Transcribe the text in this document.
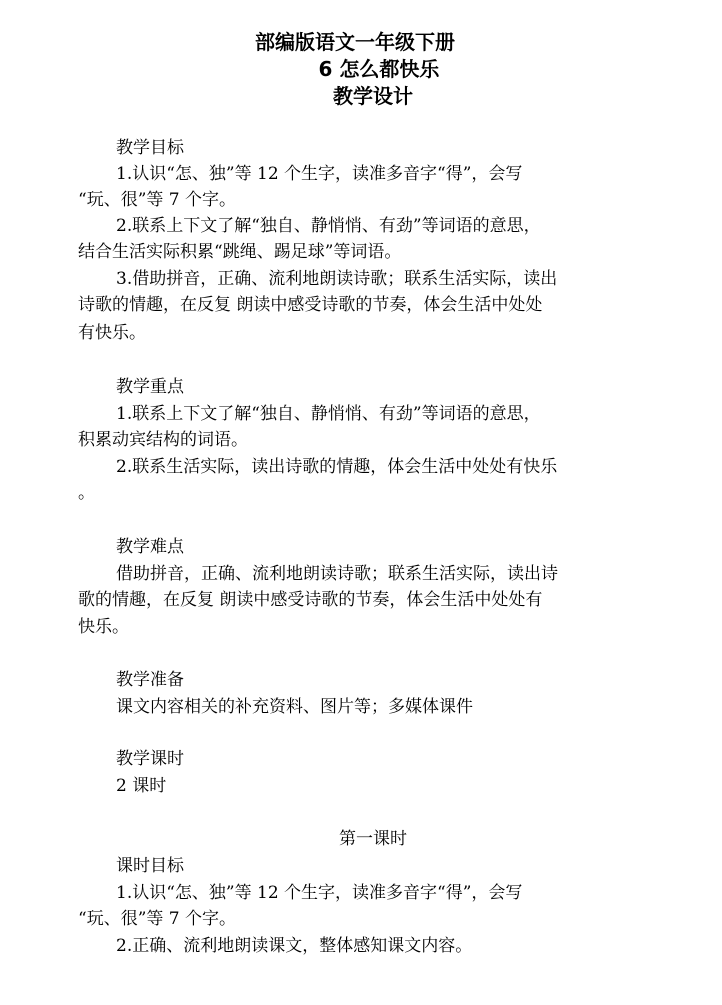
部编版语文一年级下册
6 怎么都快乐
教学设计
教学目标
1.认识“怎、独”等 12 个生字，读准多音字“得”，会写
“玩、很”等 7 个字。
2.联系上下文了解“独自、静悄悄、有劲”等词语的意思，
结合生活实际积累“跳绳、踢足球”等词语。
3.借助拼音，正确、流利地朗读诗歌；联系生活实际，读出
诗歌的情趣，在反复 朗读中感受诗歌的节奏，体会生活中处处
有快乐。
教学重点
1.联系上下文了解“独自、静悄悄、有劲”等词语的意思，
积累动宾结构的词语。
2.联系生活实际，读出诗歌的情趣，体会生活中处处有快乐
。
教学难点
借助拼音，正确、流利地朗读诗歌；联系生活实际，读出诗
歌的情趣，在反复 朗读中感受诗歌的节奏，体会生活中处处有
快乐。
教学准备
课文内容相关的补充资料、图片等；多媒体课件
教学课时
2 课时
第一课时
课时目标
1.认识“怎、独”等 12 个生字，读准多音字“得”，会写
“玩、很”等 7 个字。
2.正确、流利地朗读课文，整体感知课文内容。
